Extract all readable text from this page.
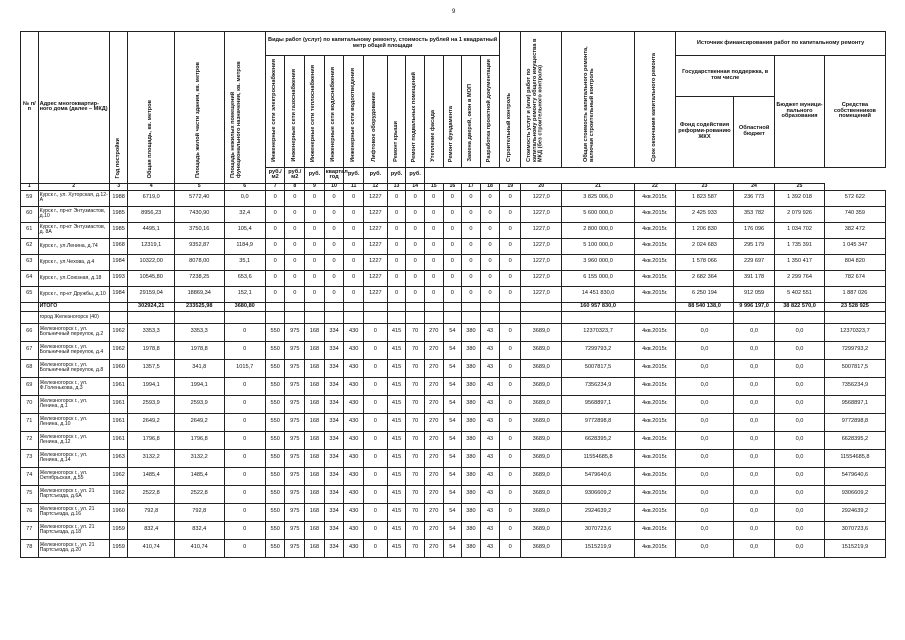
9
№ п/п	Адрес многоквартир-ного дома (далее – МКД)	Год постройки	Общая площадь, кв. метров	Площадь жилой части здания, кв. метров	Площадь нежилых помещений функционального назначения, кв. метров	Виды работ (услуг) по капитальному ремонту, стоимость рублей на 1 квадратный метр общей площади												Строительный контроль	Стоимость услуг и (или) работ по капитальному ремонту общего имущества в МКД (без строительного контроля)	Общая стоимость капитального ремонта, включая строительный контроль	Срок окончания капитального ремонта	Источник финансирования работ по капитальному ремонту			
						Инженерные сети электроснабжения	Инженерные сети газоснабжения	Инженерные сети теплоснабжения	Инженерные сети водоснабжения	Инженерные сети водоотведения	Лифтовое оборудование	Ремонт крыши	Ремонт подвальных помещений	Утепление фасада	Ремонт фундамента	Замена дверей, окон в МОП	Разработка проектной документации					Государственная поддержка, в том числе		Бюджет муници-пального образования	Средства собственников помещений
																						Фонд содействия реформи-рованию ЖКХ	Областной бюджет		
						руб./ м2	руб./м2	руб.	квартал, год	руб.	руб.	руб.	руб.												
1	2	3	4	5	6	7	8	9	10	11	12	13	14	15	16	17	18	19	20	21	22	23	24	25	
59	Курск г., ул. Хуторская, д.12-А	1988	6719,0	5772,40	0,0	0	0	0	0	0	1227	0	0	0	0	0	0	0	1227,0	3 825 006,0	4кв.2015г.	1 823 587	236 773	1 392 018	572 622
60	Курск г., пр-кт Энтузиастов, д.10	1985	8956,23	7430,90	32,4	0	0	0	0	0	1227	0	0	0	0	0	0	0	1227,0	5 600 000,0	4кв.2015г.	2 425 933	353 782	2 079 926	740 359
61	Курск г., пр-кт Энтузиастов, д. 8А	1985	4495,1	3750,16	105,4	0	0	0	0	0	1227	0	0	0	0	0	0	0	1227,0	2 800 000,0	4кв.2015г.	1 206 830	176 096	1 034 702	382 472
62	Курск г., ул.Ленина, д.74	1968	12319,1	9352,87	1184,9	0	0	0	0	0	1227	0	0	0	0	0	0	0	1227,0	5 100 000,0	4кв.2015г.	2 024 683	295 179	1 735 391	1 045 347
63	Курск г., ул.Чехова, д.4	1984	10322,00	8078,00	35,1	0	0	0	0	0	1227	0	0	0	0	0	0	0	1227,0	3 960 000,0	4кв.2015г.	1 578 066	229 697	1 350 417	804 820
64	Курск г., ул.Союзная, д.18	1993	10545,80	7238,25	653,6	0	0	0	0	0	1227	0	0	0	0	0	0	0	1227,0	6 155 000,0	4кв.2015г.	2 682 364	391 178	2 299 764	782 674
65	Курск г., пр-кт Дружбы, д.10	1984	29159,04	18869,34	152,1	0	0	0	0	0	1227	0	0	0	0	0	0	0	1227,0	14 451 830,0	4кв.2015г.	6 250 194	912 059	5 402 551	1 887 026
	ИТОГО		302924,21	233525,98	3680,80															160 957 830,0		88 540 138,0	9 996 197,0	38 822 570,0	23 528 925
	город Железногорск (40)																								
66	Железногорск г., ул. Больничный переулок, д.2	1962	3353,3	3353,3	0	550	975	168	334	430	0	415	70	270	54	380	43	0	3689,0	12370323,7	4кв.2015г.	0,0	0,0	0,0	12370323,7
67	Железногорск г., ул. Больничный переулок, д.4	1962	1978,8	1978,8	0	550	975	168	334	430	0	415	70	270	54	380	43	0	3689,0	7299793,2	4кв.2015г.	0,0	0,0	0,0	7299793,2
68	Железногорск г., ул. Больничный переулок, д.8	1960	1357,5	341,8	1015,7	550	975	168	334	430	0	415	70	270	54	380	43	0	3689,0	5007817,5	4кв.2015г.	0,0	0,0	0,0	5007817,5
69	Железногорск г., ул. Ф.Голенькова, д.3	1961	1994,1	1994,1	0	550	975	168	334	430	0	415	70	270	54	380	43	0	3689,0	7356234,9	4кв.2015г.	0,0	0,0	0,0	7356234,9
70	Железногорск г., ул. Ленина, д.1	1961	2593,9	2593,9	0	550	975	168	334	430	0	415	70	270	54	380	43	0	3689,0	9568897,1	4кв.2015г.	0,0	0,0	0,0	9568897,1
71	Железногорск г., ул. Ленина, д.10	1961	2649,2	2649,2	0	550	975	168	334	430	0	415	70	270	54	380	43	0	3689,0	9772898,8	4кв.2015г.	0,0	0,0	0,0	9772898,8
72	Железногорск г., ул. Ленина, д.12	1961	1796,8	1796,8	0	550	975	168	334	430	0	415	70	270	54	380	43	0	3689,0	6628395,2	4кв.2015г.	0,0	0,0	0,0	6628395,2
73	Железногорск г., ул. Ленина, д.14	1963	3132,2	3132,2	0	550	975	168	334	430	0	415	70	270	54	380	43	0	3689,0	11554685,8	4кв.2015г.	0,0	0,0	0,0	11554685,8
74	Железногорск г., ул. Октябрьская, д.55	1962	1485,4	1485,4	0	550	975	168	334	430	0	415	70	270	54	380	43	0	3689,0	5479640,6	4кв.2015г.	0,0	0,0	0,0	5479640,6
75	Железногорск г., ул. 21 Партсъезда, д.6А	1962	2522,8	2522,8	0	550	975	168	334	430	0	415	70	270	54	380	43	0	3689,0	9306609,2	4кв.2015г.	0,0	0,0	0,0	9306609,2
76	Железногорск г., ул. 21 Партсъезда, д.16	1960	792,8	792,8	0	550	975	168	334	430	0	415	70	270	54	380	43	0	3689,0	2924639,2	4кв.2015г.	0,0	0,0	0,0	2924639,2
77	Железногорск г., ул. 21 Партсъезда, д.18	1959	832,4	832,4	0	550	975	168	334	430	0	415	70	270	54	380	43	0	3689,0	3070723,6	4кв.2015г.	0,0	0,0	0,0	3070723,6
78	Железногорск г., ул. 21 Партсъезда, д.20	1959	410,74	410,74	0	550	975	168	334	430	0	415	70	270	54	380	43	0	3689,0	1515219,9	4кв.2015г.	0,0	0,0	0,0	1515219,9
